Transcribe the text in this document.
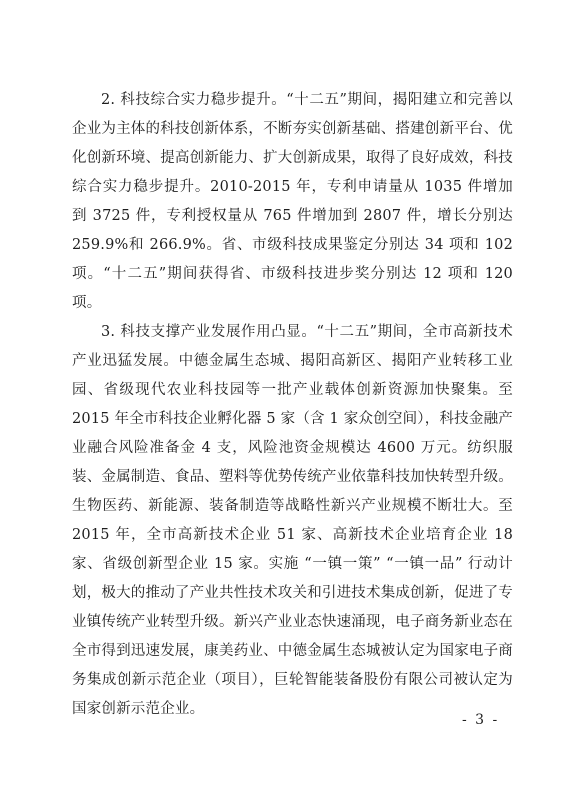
2. 科技综合实力稳步提升。“十二五”期间，揭阳建立和完善以企业为主体的科技创新体系，不断夯实创新基础、搭建创新平台、优化创新环境、提高创新能力、扩大创新成果，取得了良好成效，科技综合实力稳步提升。2010-2015 年，专利申请量从 1035 件增加到 3725 件，专利授权量从 765 件增加到 2807 件，增长分别达 259.9%和 266.9%。省、市级科技成果鉴定分别达 34 项和 102 项。“十二五”期间获得省、市级科技进步奖分别达 12 项和 120 项。

3. 科技支撑产业发展作用凸显。“十二五”期间，全市高新技术产业迅猛发展。中德金属生态城、揭阳高新区、揭阳产业转移工业园、省级现代农业科技园等一批产业载体创新资源加快聚集。至 2015 年全市科技企业孵化器 5 家（含 1 家众创空间），科技金融产业融合风险准备金 4 支，风险池资金规模达 4600 万元。纺织服装、金属制造、食品、塑料等优势传统产业依靠科技加快转型升级。生物医药、新能源、装备制造等战略性新兴产业规模不断壮大。至 2015 年，全市高新技术企业 51 家、高新技术企业培育企业 18 家、省级创新型企业 15 家。实施 “一镇一策” “一镇一品” 行动计划，极大的推动了产业共性技术攻关和引进技术集成创新，促进了专业镇传统产业转型升级。新兴产业业态快速涌现，电子商务新业态在全市得到迅速发展，康美药业、中德金属生态城被认定为国家电子商务集成创新示范企业（项目），巨轮智能装备股份有限公司被认定为国家创新示范企业。

- 3 -
